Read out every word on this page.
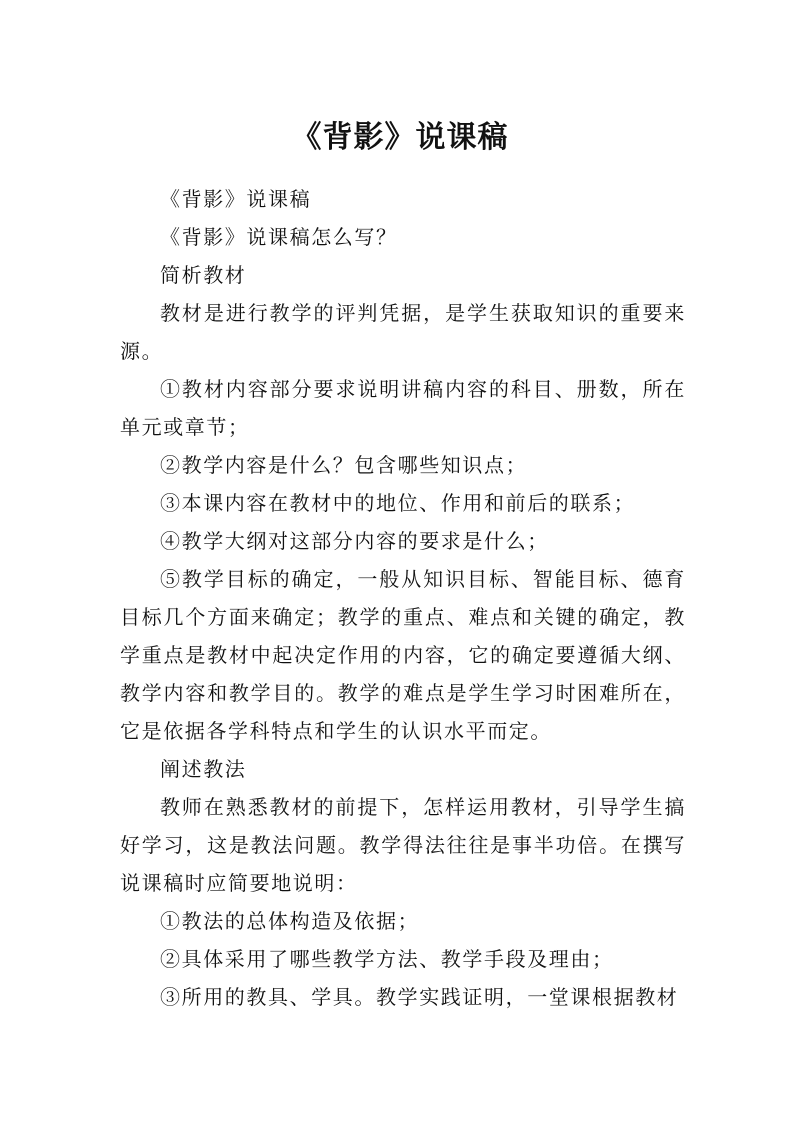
《背影》说课稿

《背影》说课稿

《背影》说课稿怎么写？

简析教材

教材是进行教学的评判凭据，是学生获取知识的重要来源。

①教材内容部分要求说明讲稿内容的科目、册数，所在单元或章节；

②教学内容是什么？包含哪些知识点；

③本课内容在教材中的地位、作用和前后的联系；

④教学大纲对这部分内容的要求是什么；

⑤教学目标的确定，一般从知识目标、智能目标、德育目标几个方面来确定；教学的重点、难点和关键的确定，教学重点是教材中起决定作用的内容，它的确定要遵循大纲、教学内容和教学目的。教学的难点是学生学习时困难所在，它是依据各学科特点和学生的认识水平而定。

阐述教法

教师在熟悉教材的前提下，怎样运用教材，引导学生搞好学习，这是教法问题。教学得法往往是事半功倍。在撰写说课稿时应简要地说明：

①教法的总体构造及依据；

②具体采用了哪些教学方法、教学手段及理由；

③所用的教具、学具。教学实践证明，一堂课根据教材
